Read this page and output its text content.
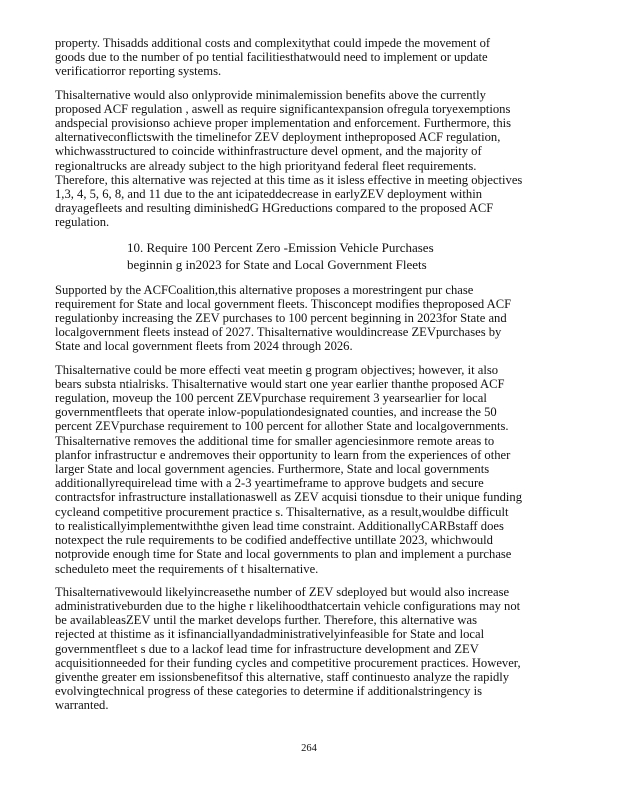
property. Thisadds additional costs and complexitythat could impede the movement of
goods due to the number of po tential facilitiesthatwould need to implement or update
verificatiorror reporting systems.

Thisalternative would also onlyprovide minimalemission benefits above the currently
proposed ACF regulation , aswell as require significantexpansion ofregula toryexemptions
andspecial provisionso achieve proper implementation and enforcement. Furthermore, this
alternativeconflictswith the timelinefor ZEV deployment intheproposed ACF regulation,
whichwasstructured to coincide withinfrastructure devel opment, and the majority of
regionaltrucks are already subject to the high priorityand federal fleet requirements.
Therefore, this alternative was rejected at this time as it isless effective in meeting objectives
1,3, 4, 5, 6, 8, and 11 due to the ant icipateddecrease in earlyZEV deployment within
drayagefleets and resulting diminishedG HGreductions compared to the proposed ACF
regulation.

10. Require 100 Percent Zero -Emission Vehicle Purchases
beginnin g in2023 for State and Local Government Fleets

Supported by the ACFCoalition,this alternative proposes a morestringent pur chase
requirement for State and local government fleets. Thisconcept modifies theproposed ACF
regulationby increasing the ZEV purchases to 100 percent beginning in 2023for State and
localgovernment fleets instead of 2027. Thisalternative wouldincrease ZEVpurchases by
State and local government fleets from 2024 through 2026.

Thisalternative could be more effecti veat meetin g program objectives; however, it also
bears substa ntialrisks. Thisalternative would start one year earlier thanthe proposed ACF
regulation, moveup the 100 percent ZEVpurchase requirement 3 yearsearlier for local
governmentfleets that operate inlow-populationdesignated counties, and increase the 50
percent ZEVpurchase requirement to 100 percent for allother State and localgovernments.
Thisalternative removes the additional time for smaller agenciesinmore remote areas to
planfor infrastructur e andremoves their opportunity to learn from the experiences of other
larger State and local government agencies. Furthermore, State and local governments
additionallyrequirelead time with a 2-3 yeartimeframe to approve budgets and secure
contractsfor infrastructure installationaswell as ZEV acquisi tionsdue to their unique funding
cycleand competitive procurement practice s. Thisalternative, as a result,wouldbe difficult
to realisticallyimplementwiththe given lead time constraint. AdditionallyCARBstaff does
notexpect the rule requirements to be codified andeffective untillate 2023, whichwould
notprovide enough time for State and local governments to plan and implement a purchase
scheduleto meet the requirements of t hisalternative.

Thisalternativewould likelyincreasethe number of ZEV sdeployed but would also increase
administrativeburden due to the highe r likelihoodthatcertain vehicle configurations may not
be availableasZEV until the market develops further. Therefore, this alternative was
rejected at thistime as it isfinanciallyandadministrativelyinfeasible for State and local
governmentfleet s due to a lackof lead time for infrastructure development and ZEV
acquisitionneeded for their funding cycles and competitive procurement practices. However,
giventhe greater em issionsbenefitsof this alternative, staff continuesto analyze the rapidly
evolvingtechnical progress of these categories to determine if additionalstringency is
warranted.

264
